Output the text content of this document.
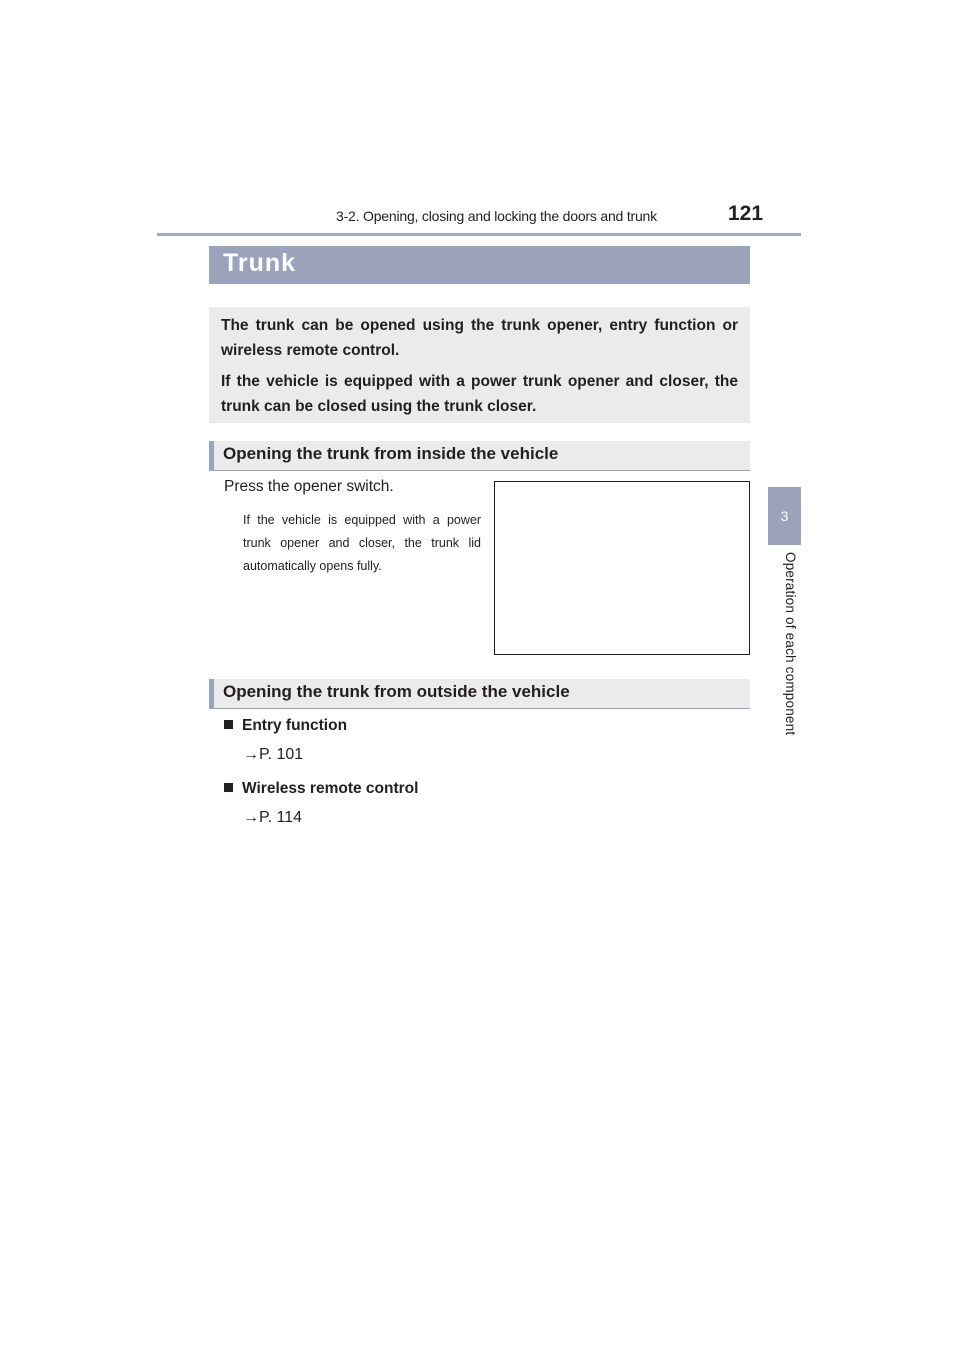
3-2. Opening, closing and locking the doors and trunk	121
3
Operation of each component
Trunk

The trunk can be opened using the trunk opener, entry function or wireless remote control.

If the vehicle is equipped with a power trunk opener and closer, the trunk can be closed using the trunk closer.

Opening the trunk from inside the vehicle
Press the opener switch.
If the vehicle is equipped with a power trunk opener and closer, the trunk lid automatically opens fully.
Opening the trunk from outside the vehicle
Entry function
→P. 101
Wireless remote control
→P. 114
